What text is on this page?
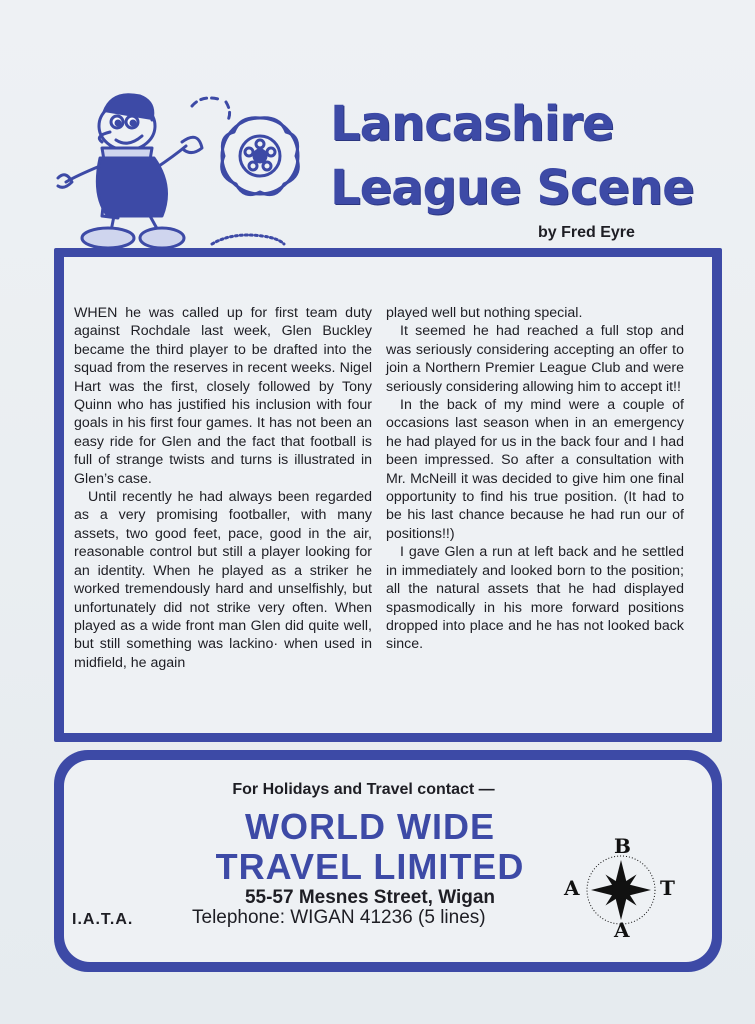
Lancashire
League Scene
by Fred Eyre

WHEN he was called up for first team duty against Rochdale last week, Glen Buckley became the third player to be drafted into the squad from the reserves in recent weeks. Nigel Hart was the first, closely followed by Tony Quinn who has justified his inclusion with four goals in his first four games. It has not been an easy ride for Glen and the fact that football is full of strange twists and turns is illustrated in Glen’s case.

Until recently he had always been regarded as a very promising footballer, with many assets, two good feet, pace, good in the air, reasonable control but still a player looking for an identity. When he played as a striker he worked tremendously hard and unselfishly, but unfortunately did not strike very often. When played as a wide front man Glen did quite well, but still something was lackino· when used in midfield, he again

played well but nothing special.

It seemed he had reached a full stop and was seriously considering accepting an offer to join a Northern Premier League Club and were seriously considering allowing him to accept it!!

In the back of my mind were a couple of occasions last season when in an emergency he had played for us in the back four and I had been impressed. So after a consultation with Mr. McNeill it was decided to give him one final opportunity to find his true position. (It had to be his last chance because he had run our of positions!!)

I gave Glen a run at left back and he settled in immediately and looked born to the position; all the natural assets that he had displayed spasmodically in his more forward positions dropped into place and he has not looked back since.

For Holidays and Travel contact —
WORLD WIDE
TRAVEL LIMITED
55-57 Mesnes Street, Wigan
Telephone: WIGAN 41236 (5 lines)
I.A.T.A.
B
A	T
A
